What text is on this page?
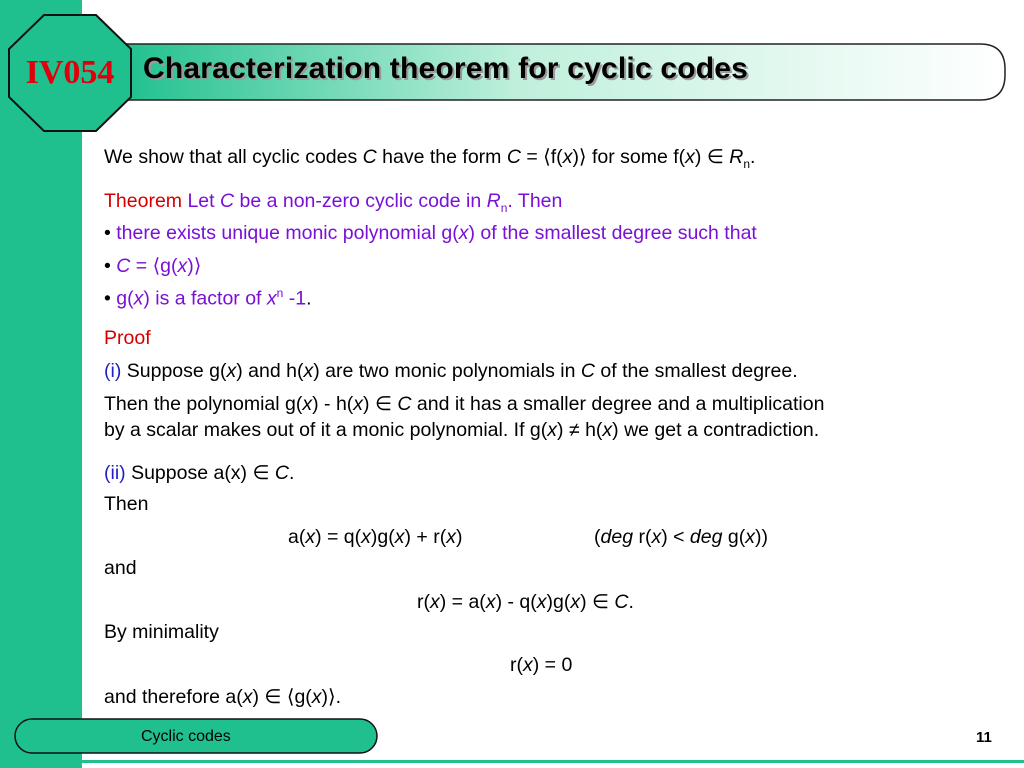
IV054 Characterization theorem for cyclic codes
We show that all cyclic codes C have the form C = ⟨f(x)⟩ for some f(x) ∈ $R_n$.
Theorem Let C be a non-zero cyclic code in $R_n$. Then
• there exists unique monic polynomial g(x) of the smallest degree such that
• C = ⟨g(x)⟩
• g(x) is a factor of $x^n$ -1.
Proof
(i) Suppose g(x) and h(x) are two monic polynomials in C of the smallest degree.
Then the polynomial g(x) - h(x) ∈ C and it has a smaller degree and a multiplication
by a scalar makes out of it a monic polynomial. If g(x) ≠ h(x) we get a contradiction.
(ii) Suppose a(x) ∈ C.
Then
a(x) = q(x)g(x) + r(x)	(deg r(x) < deg g(x))
and
r(x) = a(x) - q(x)g(x) ∈ C.
By minimality
r(x) = 0
and therefore a(x) ∈ ⟨g(x)⟩.
Cyclic codes	11
